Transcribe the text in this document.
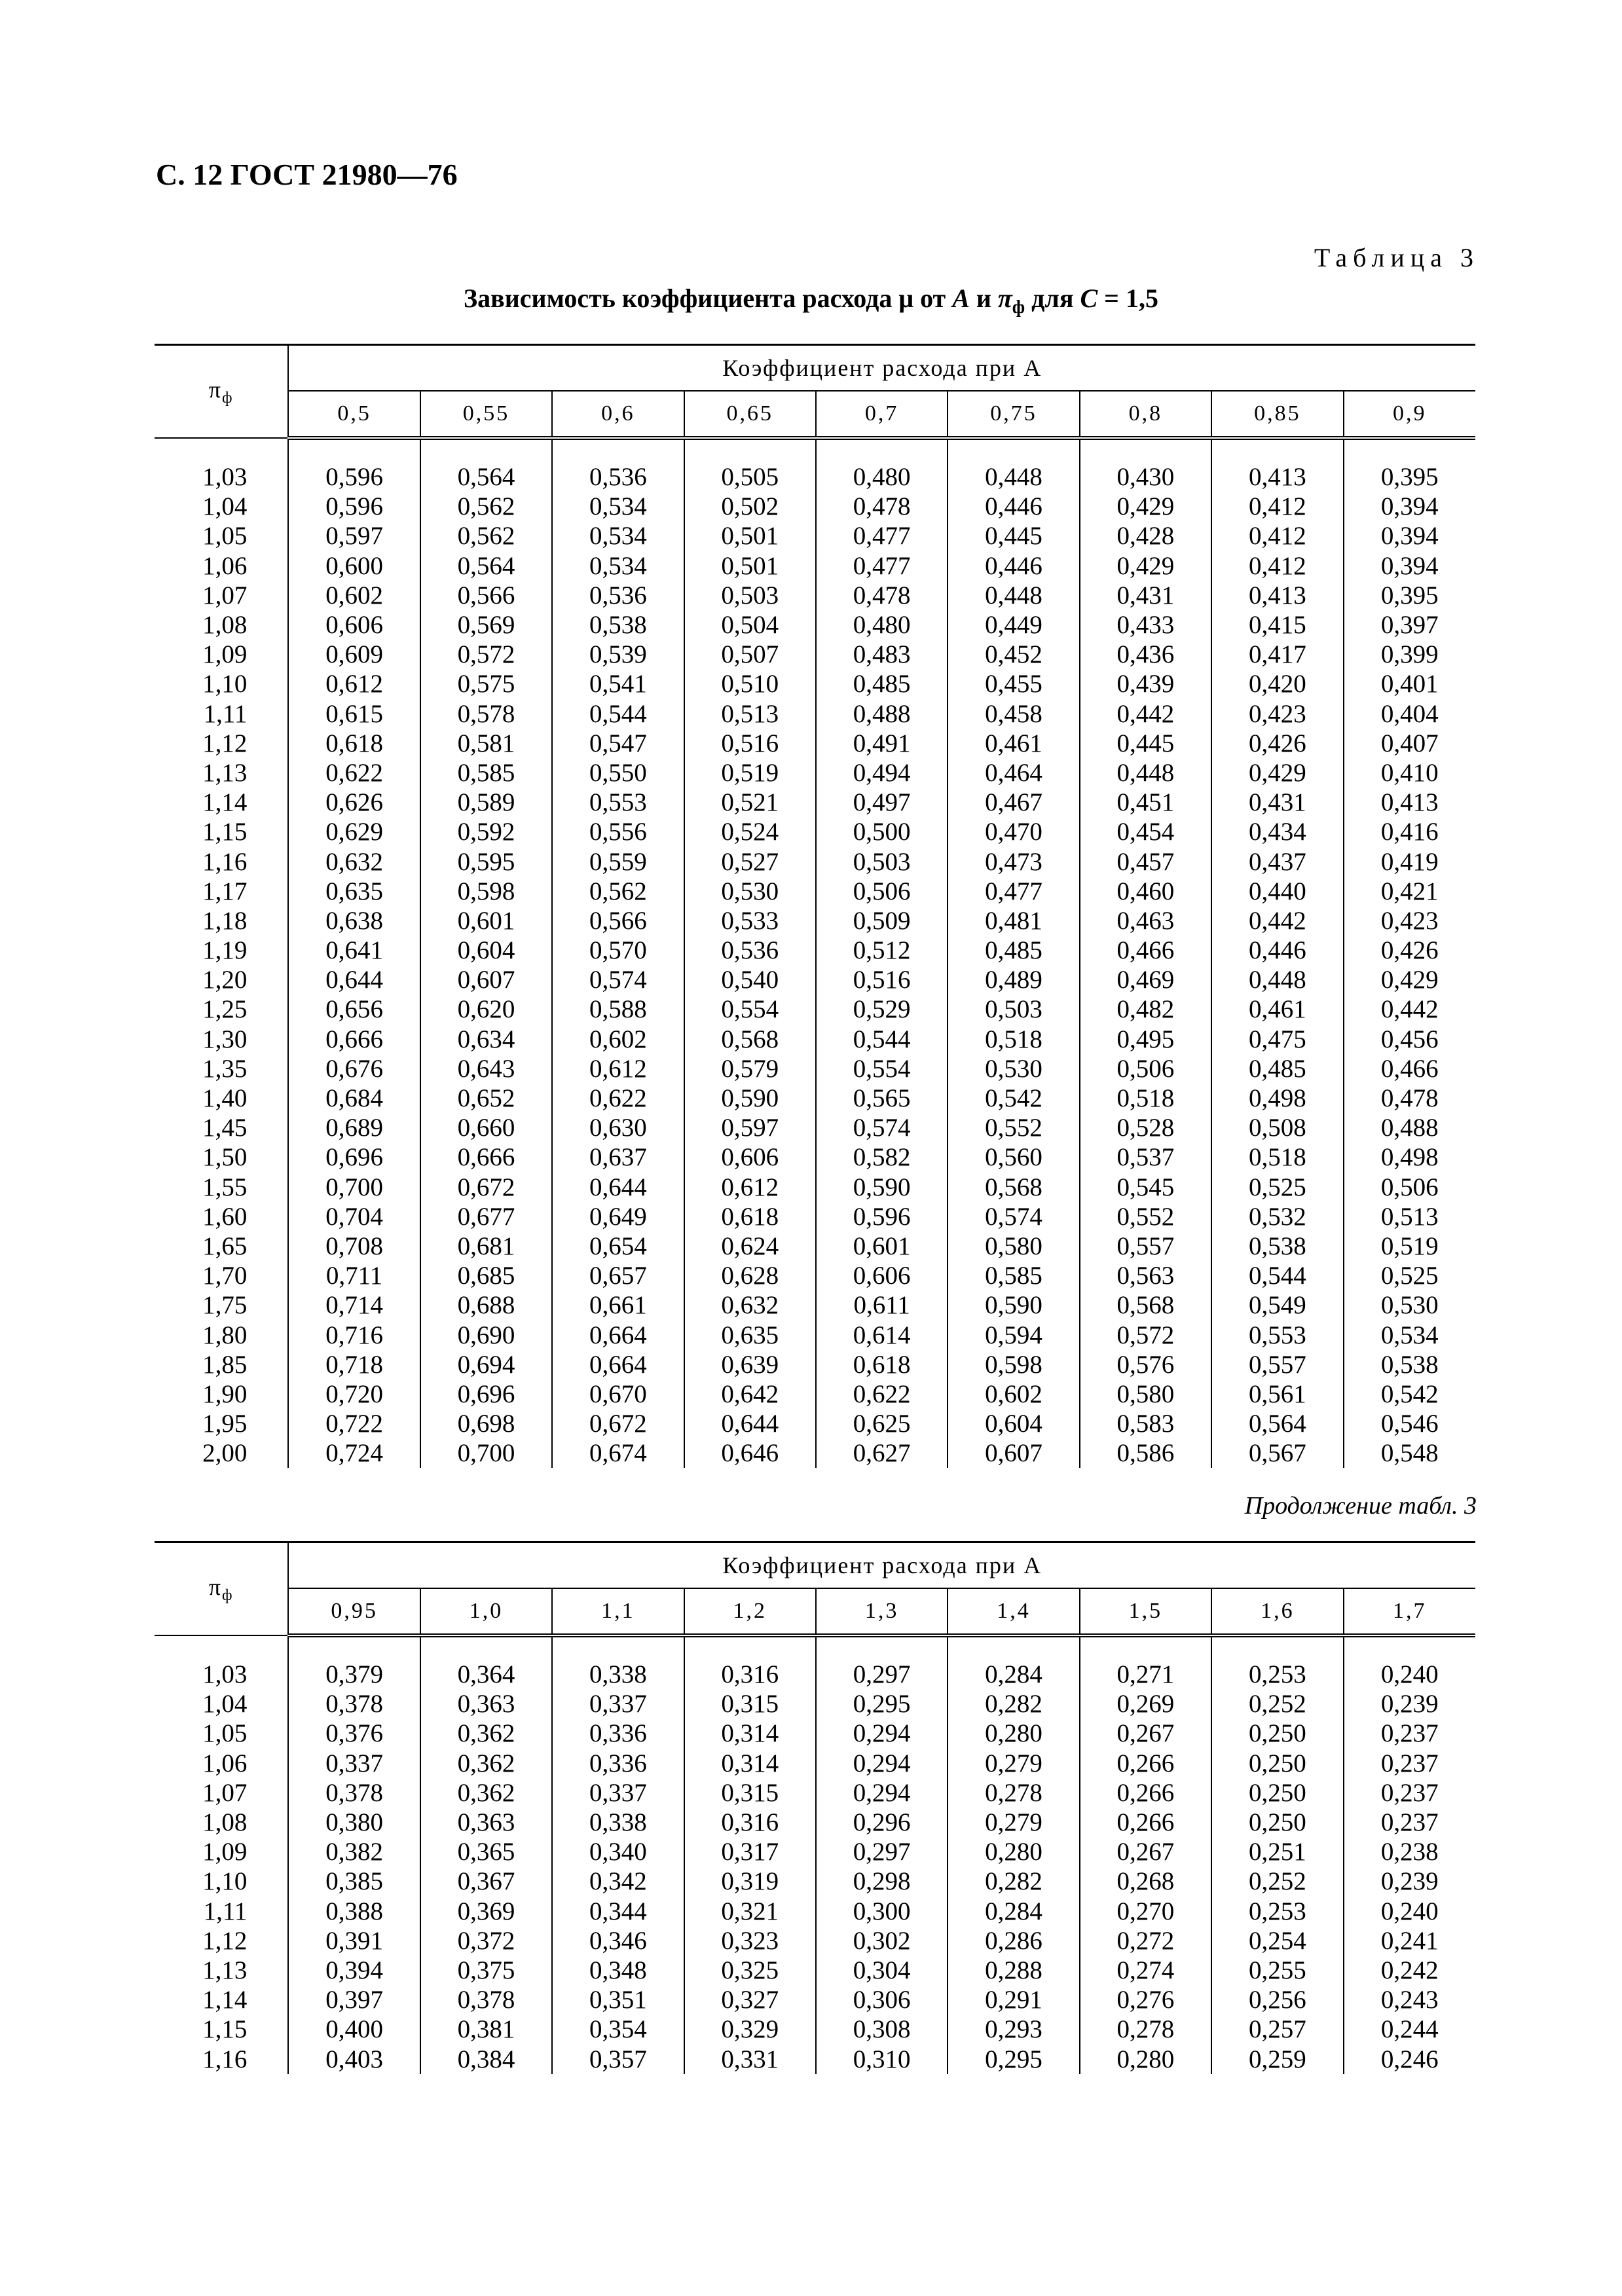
С. 12 ГОСТ 21980—76
Таблица 3
Зависимость коэффициента расхода μ от A и $\pi_ф$ для C = 1,5
$\pi_ф$	Коэффициент расхода при A								
	0,5	0,55	0,6	0,65	0,7	0,75	0,8	0,85	0,9

1,03	0,596	0,564	0,536	0,505	0,480	0,448	0,430	0,413	0,395
1,04	0,596	0,562	0,534	0,502	0,478	0,446	0,429	0,412	0,394
1,05	0,597	0,562	0,534	0,501	0,477	0,445	0,428	0,412	0,394
1,06	0,600	0,564	0,534	0,501	0,477	0,446	0,429	0,412	0,394
1,07	0,602	0,566	0,536	0,503	0,478	0,448	0,431	0,413	0,395
1,08	0,606	0,569	0,538	0,504	0,480	0,449	0,433	0,415	0,397
1,09	0,609	0,572	0,539	0,507	0,483	0,452	0,436	0,417	0,399
1,10	0,612	0,575	0,541	0,510	0,485	0,455	0,439	0,420	0,401
1,11	0,615	0,578	0,544	0,513	0,488	0,458	0,442	0,423	0,404
1,12	0,618	0,581	0,547	0,516	0,491	0,461	0,445	0,426	0,407
1,13	0,622	0,585	0,550	0,519	0,494	0,464	0,448	0,429	0,410
1,14	0,626	0,589	0,553	0,521	0,497	0,467	0,451	0,431	0,413
1,15	0,629	0,592	0,556	0,524	0,500	0,470	0,454	0,434	0,416
1,16	0,632	0,595	0,559	0,527	0,503	0,473	0,457	0,437	0,419
1,17	0,635	0,598	0,562	0,530	0,506	0,477	0,460	0,440	0,421
1,18	0,638	0,601	0,566	0,533	0,509	0,481	0,463	0,442	0,423
1,19	0,641	0,604	0,570	0,536	0,512	0,485	0,466	0,446	0,426
1,20	0,644	0,607	0,574	0,540	0,516	0,489	0,469	0,448	0,429
1,25	0,656	0,620	0,588	0,554	0,529	0,503	0,482	0,461	0,442
1,30	0,666	0,634	0,602	0,568	0,544	0,518	0,495	0,475	0,456
1,35	0,676	0,643	0,612	0,579	0,554	0,530	0,506	0,485	0,466
1,40	0,684	0,652	0,622	0,590	0,565	0,542	0,518	0,498	0,478
1,45	0,689	0,660	0,630	0,597	0,574	0,552	0,528	0,508	0,488
1,50	0,696	0,666	0,637	0,606	0,582	0,560	0,537	0,518	0,498
1,55	0,700	0,672	0,644	0,612	0,590	0,568	0,545	0,525	0,506
1,60	0,704	0,677	0,649	0,618	0,596	0,574	0,552	0,532	0,513
1,65	0,708	0,681	0,654	0,624	0,601	0,580	0,557	0,538	0,519
1,70	0,711	0,685	0,657	0,628	0,606	0,585	0,563	0,544	0,525
1,75	0,714	0,688	0,661	0,632	0,611	0,590	0,568	0,549	0,530
1,80	0,716	0,690	0,664	0,635	0,614	0,594	0,572	0,553	0,534
1,85	0,718	0,694	0,664	0,639	0,618	0,598	0,576	0,557	0,538
1,90	0,720	0,696	0,670	0,642	0,622	0,602	0,580	0,561	0,542
1,95	0,722	0,698	0,672	0,644	0,625	0,604	0,583	0,564	0,546
2,00	0,724	0,700	0,674	0,646	0,627	0,607	0,586	0,567	0,548
Продолжение табл. 3
$\pi_ф$	Коэффициент расхода при A								
	0,95	1,0	1,1	1,2	1,3	1,4	1,5	1,6	1,7

1,03	0,379	0,364	0,338	0,316	0,297	0,284	0,271	0,253	0,240
1,04	0,378	0,363	0,337	0,315	0,295	0,282	0,269	0,252	0,239
1,05	0,376	0,362	0,336	0,314	0,294	0,280	0,267	0,250	0,237
1,06	0,337	0,362	0,336	0,314	0,294	0,279	0,266	0,250	0,237
1,07	0,378	0,362	0,337	0,315	0,294	0,278	0,266	0,250	0,237
1,08	0,380	0,363	0,338	0,316	0,296	0,279	0,266	0,250	0,237
1,09	0,382	0,365	0,340	0,317	0,297	0,280	0,267	0,251	0,238
1,10	0,385	0,367	0,342	0,319	0,298	0,282	0,268	0,252	0,239
1,11	0,388	0,369	0,344	0,321	0,300	0,284	0,270	0,253	0,240
1,12	0,391	0,372	0,346	0,323	0,302	0,286	0,272	0,254	0,241
1,13	0,394	0,375	0,348	0,325	0,304	0,288	0,274	0,255	0,242
1,14	0,397	0,378	0,351	0,327	0,306	0,291	0,276	0,256	0,243
1,15	0,400	0,381	0,354	0,329	0,308	0,293	0,278	0,257	0,244
1,16	0,403	0,384	0,357	0,331	0,310	0,295	0,280	0,259	0,246
